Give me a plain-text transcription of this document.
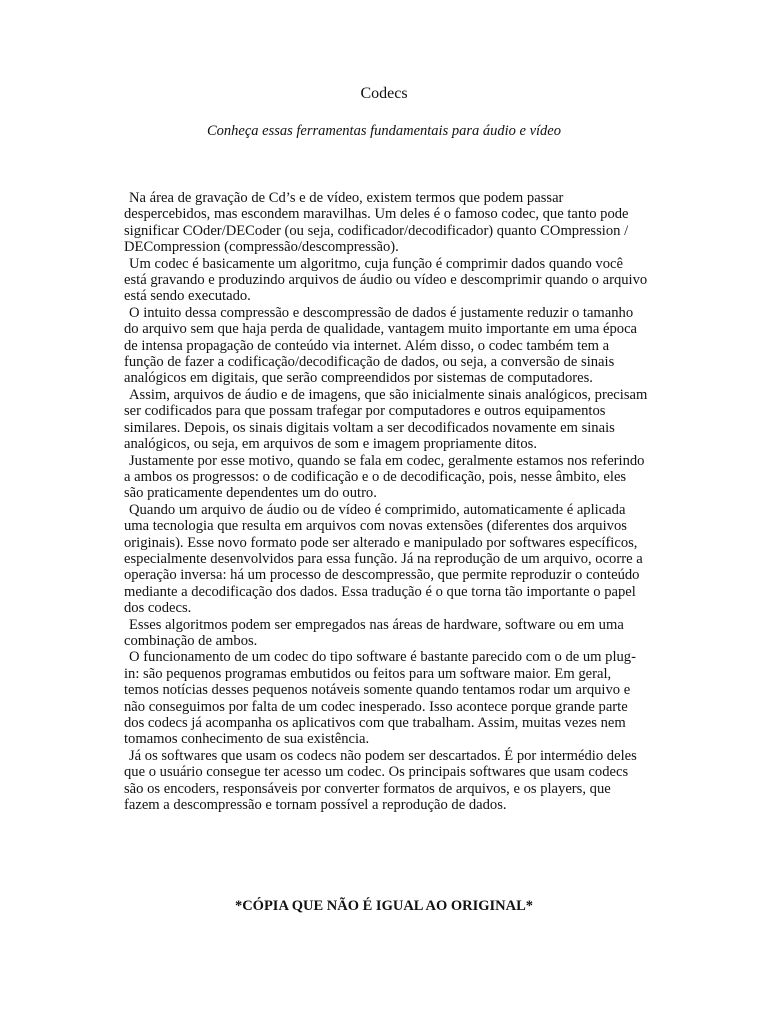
Codecs
Conheça essas ferramentas fundamentais para áudio e vídeo

Na área de gravação de Cd’s e de vídeo, existem termos que podem passar despercebidos, mas escondem maravilhas. Um deles é o famoso codec, que tanto pode significar COder/DECoder (ou seja, codificador/decodificador) quanto COmpression / DECompression (compressão/descompressão).

Um codec é basicamente um algoritmo, cuja função é comprimir dados quando você está gravando e produzindo arquivos de áudio ou vídeo e descomprimir quando o arquivo está sendo executado.

O intuito dessa compressão e descompressão de dados é justamente reduzir o tamanho do arquivo sem que haja perda de qualidade, vantagem muito importante em uma época de intensa propagação de conteúdo via internet. Além disso, o codec também tem a função de fazer a codificação/decodificação de dados, ou seja, a conversão de sinais analógicos em digitais, que serão compreendidos por sistemas de computadores.

Assim, arquivos de áudio e de imagens, que são inicialmente sinais analógicos, precisam ser codificados para que possam trafegar por computadores e outros equipamentos similares. Depois, os sinais digitais voltam a ser decodificados novamente em sinais analógicos, ou seja, em arquivos de som e imagem propriamente ditos.

Justamente por esse motivo, quando se fala em codec, geralmente estamos nos referindo a ambos os progressos: o de codificação e o de decodificação, pois, nesse âmbito, eles são praticamente dependentes um do outro.

Quando um arquivo de áudio ou de vídeo é comprimido, automaticamente é aplicada uma tecnologia que resulta em arquivos com novas extensões (diferentes dos arquivos originais). Esse novo formato pode ser alterado e manipulado por softwares específicos, especialmente desenvolvidos para essa função. Já na reprodução de um arquivo, ocorre a operação inversa: há um processo de descompressão, que permite reproduzir o conteúdo mediante a decodificação dos dados. Essa tradução é o que torna tão importante o papel dos codecs.

Esses algoritmos podem ser empregados nas áreas de hardware, software ou em uma combinação de ambos.

O funcionamento de um codec do tipo software é bastante parecido com o de um plug-in: são pequenos programas embutidos ou feitos para um software maior. Em geral, temos notícias desses pequenos notáveis somente quando tentamos rodar um arquivo e não conseguimos por falta de um codec inesperado. Isso acontece porque grande parte dos codecs já acompanha os aplicativos com que trabalham. Assim, muitas vezes nem tomamos conhecimento de sua existência.

Já os softwares que usam os codecs não podem ser descartados. É por intermédio deles que o usuário consegue ter acesso um codec. Os principais softwares que usam codecs são os encoders, responsáveis por converter formatos de arquivos, e os players, que fazem a descompressão e tornam possível a reprodução de dados.

*CÓPIA QUE NÃO É IGUAL AO ORIGINAL*
